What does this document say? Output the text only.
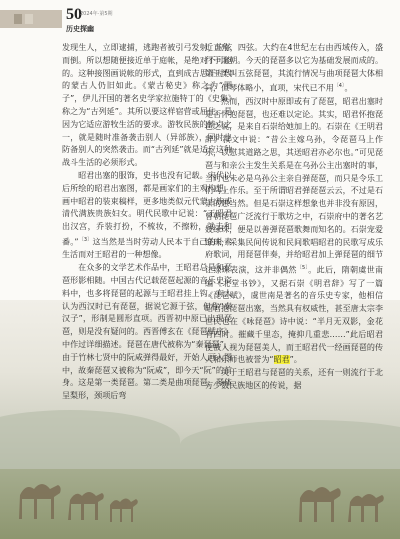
50
2024年·第5期
历史探幽

发现生人，立即逮捕，逃跑者被引弓发射，应弦而倒。所以想随便接近单于庭帐，是绝对不可能的。这种接图画说帐的形式，直到成吉思汗时代的蒙古人仍旧如此。《蒙古秘史》称之为“圈子”，伊儿汗国的著名史学家拉施特丁的《史集》称之为“古列延”。其所以要这样宿营或屈住，是因为它适应游牧生活的要求。游牧民族的特点之一，就是随时准备袭击别人（异部族），同时也防备别人的突然袭击。而“古列延”就是适应这种战斗生活的必须形式。

昭君出塞的服饰，史书也没有记载。宋代以后所绘的昭君出塞图，都是画家们的主观构想，画中昭君的装束稿样，更多地类似元代蒙古族或清代满族贵族妇女。明代民歌中记说：“王昭君出汉宫，乔装打扮，不梳妆，不擦粉，就去和番。”$^{〔3〕}$这当然是当时劳动人民本于自己的朴素生活而对王昭君的一种想像。

在众多的文学艺术作品中，王昭君总是和琵琶形影相随。中国古代记载琵琶起源的音乐史资料中，也多将琵琶的起源与王昭君挂上钩。有人认为西汉时已有琵琶，据说它源于弦，但称“秦汉子”，形制是圆形直项。西晋初中原已出现琵琶，则是没有疑问的。西晋傅玄在《琵琶赋序》中作过详细描述。琵琶在唐代被称为“秦琵琶”，由于竹林七贤中的阮咸弹得最好，开始人画入图中，故秦琵琶又被称为“阮咸”，即今天“阮”的前身。这是第一类琵琶。第二类是曲项琵琶，琴体呈梨形，颈项后弯

近直角，四弦。大约在4世纪左右由西域传入，盛行于北朝。今天的琵琶多以它为基础发展而成的。第三类叫五弦琵琶，其流行情况与曲项琵琶大体相同，但琴体略小，直项，宋代已不用$^{〔4〕}$。

然而，西汉时中原即或有了琵琶，昭君出塞时是否怀抱琵琶，也还难以定论。其实，昭君怀抱琵琶之说，是来自石崇给她加上的。石崇在《王明君辞》叙文中说：“昔公主嫁乌孙，令琵琶马上作乐，以慰其道路之思，其送昭君亦必尔也。”可见琵琶与和亲公主发生关系是在乌孙公主出塞时的事，当时也未必是乌孙公主亲自弹琵琶，而只是令乐工们马上作乐。至于所谓昭君弹琵琶云云，不过是石崇的想当然。但是石崇这样想象也并非没有原因，曾朝琵琶广泛流行于歌坊之中，石崇府中的著名艺妓绿珠，便是以善弹琵琶歌舞而知名的。石崇宠爱绿珠，采集民间传说和民间歌唱昭君的民歌写成乐府歌词，用琵琶伴奏，并给昭君加上弹琵琶的细节让绿珠表演，这并非偶然$^{〔5〕}$。此后，隋朝虞世南编《北堂书钞》，又据石崇《明君辞》写了一篇《琵琶赋》，虞世南是著名的音乐史专家，他相信昭君抱琵琶出塞，当然具有权威性，甚至唐太宗李世民也在《咏琵琶》诗中说：“半月无双影，金花有四时。摧藏千里态，掩抑几重悲……”此后昭君便被人视为琵琶美人，而王昭君代一经画琵琶的传人和乐师也被誉为“昭君”。

关于王昭君与琵琶的关系，还有一则流行于北方少数民族地区的传说，据
